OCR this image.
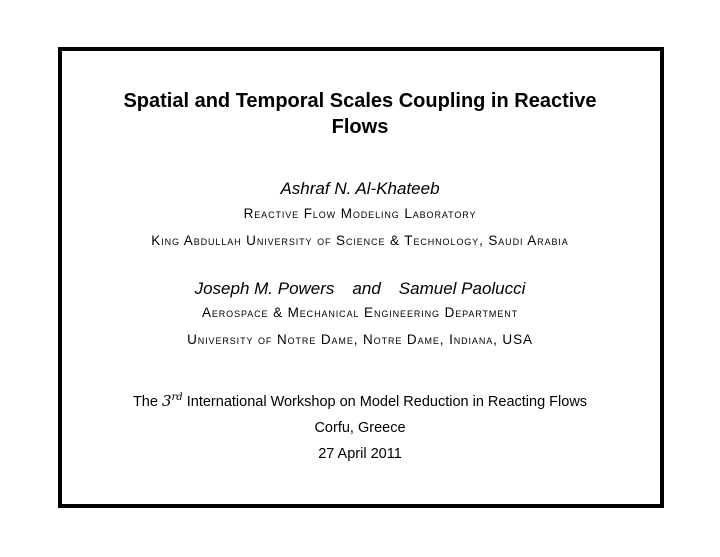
Spatial and Temporal Scales Coupling in Reactive
Flows
Ashraf N. Al-Khateeb
Reactive Flow Modeling Laboratory
King Abdullah University of Science & Technology, Saudi Arabia
Joseph M. Powers and Samuel Paolucci
Aerospace & Mechanical Engineering Department
University of Notre Dame, Notre Dame, Indiana, USA
The 3rd International Workshop on Model Reduction in Reacting Flows
Corfu, Greece
27 April 2011
